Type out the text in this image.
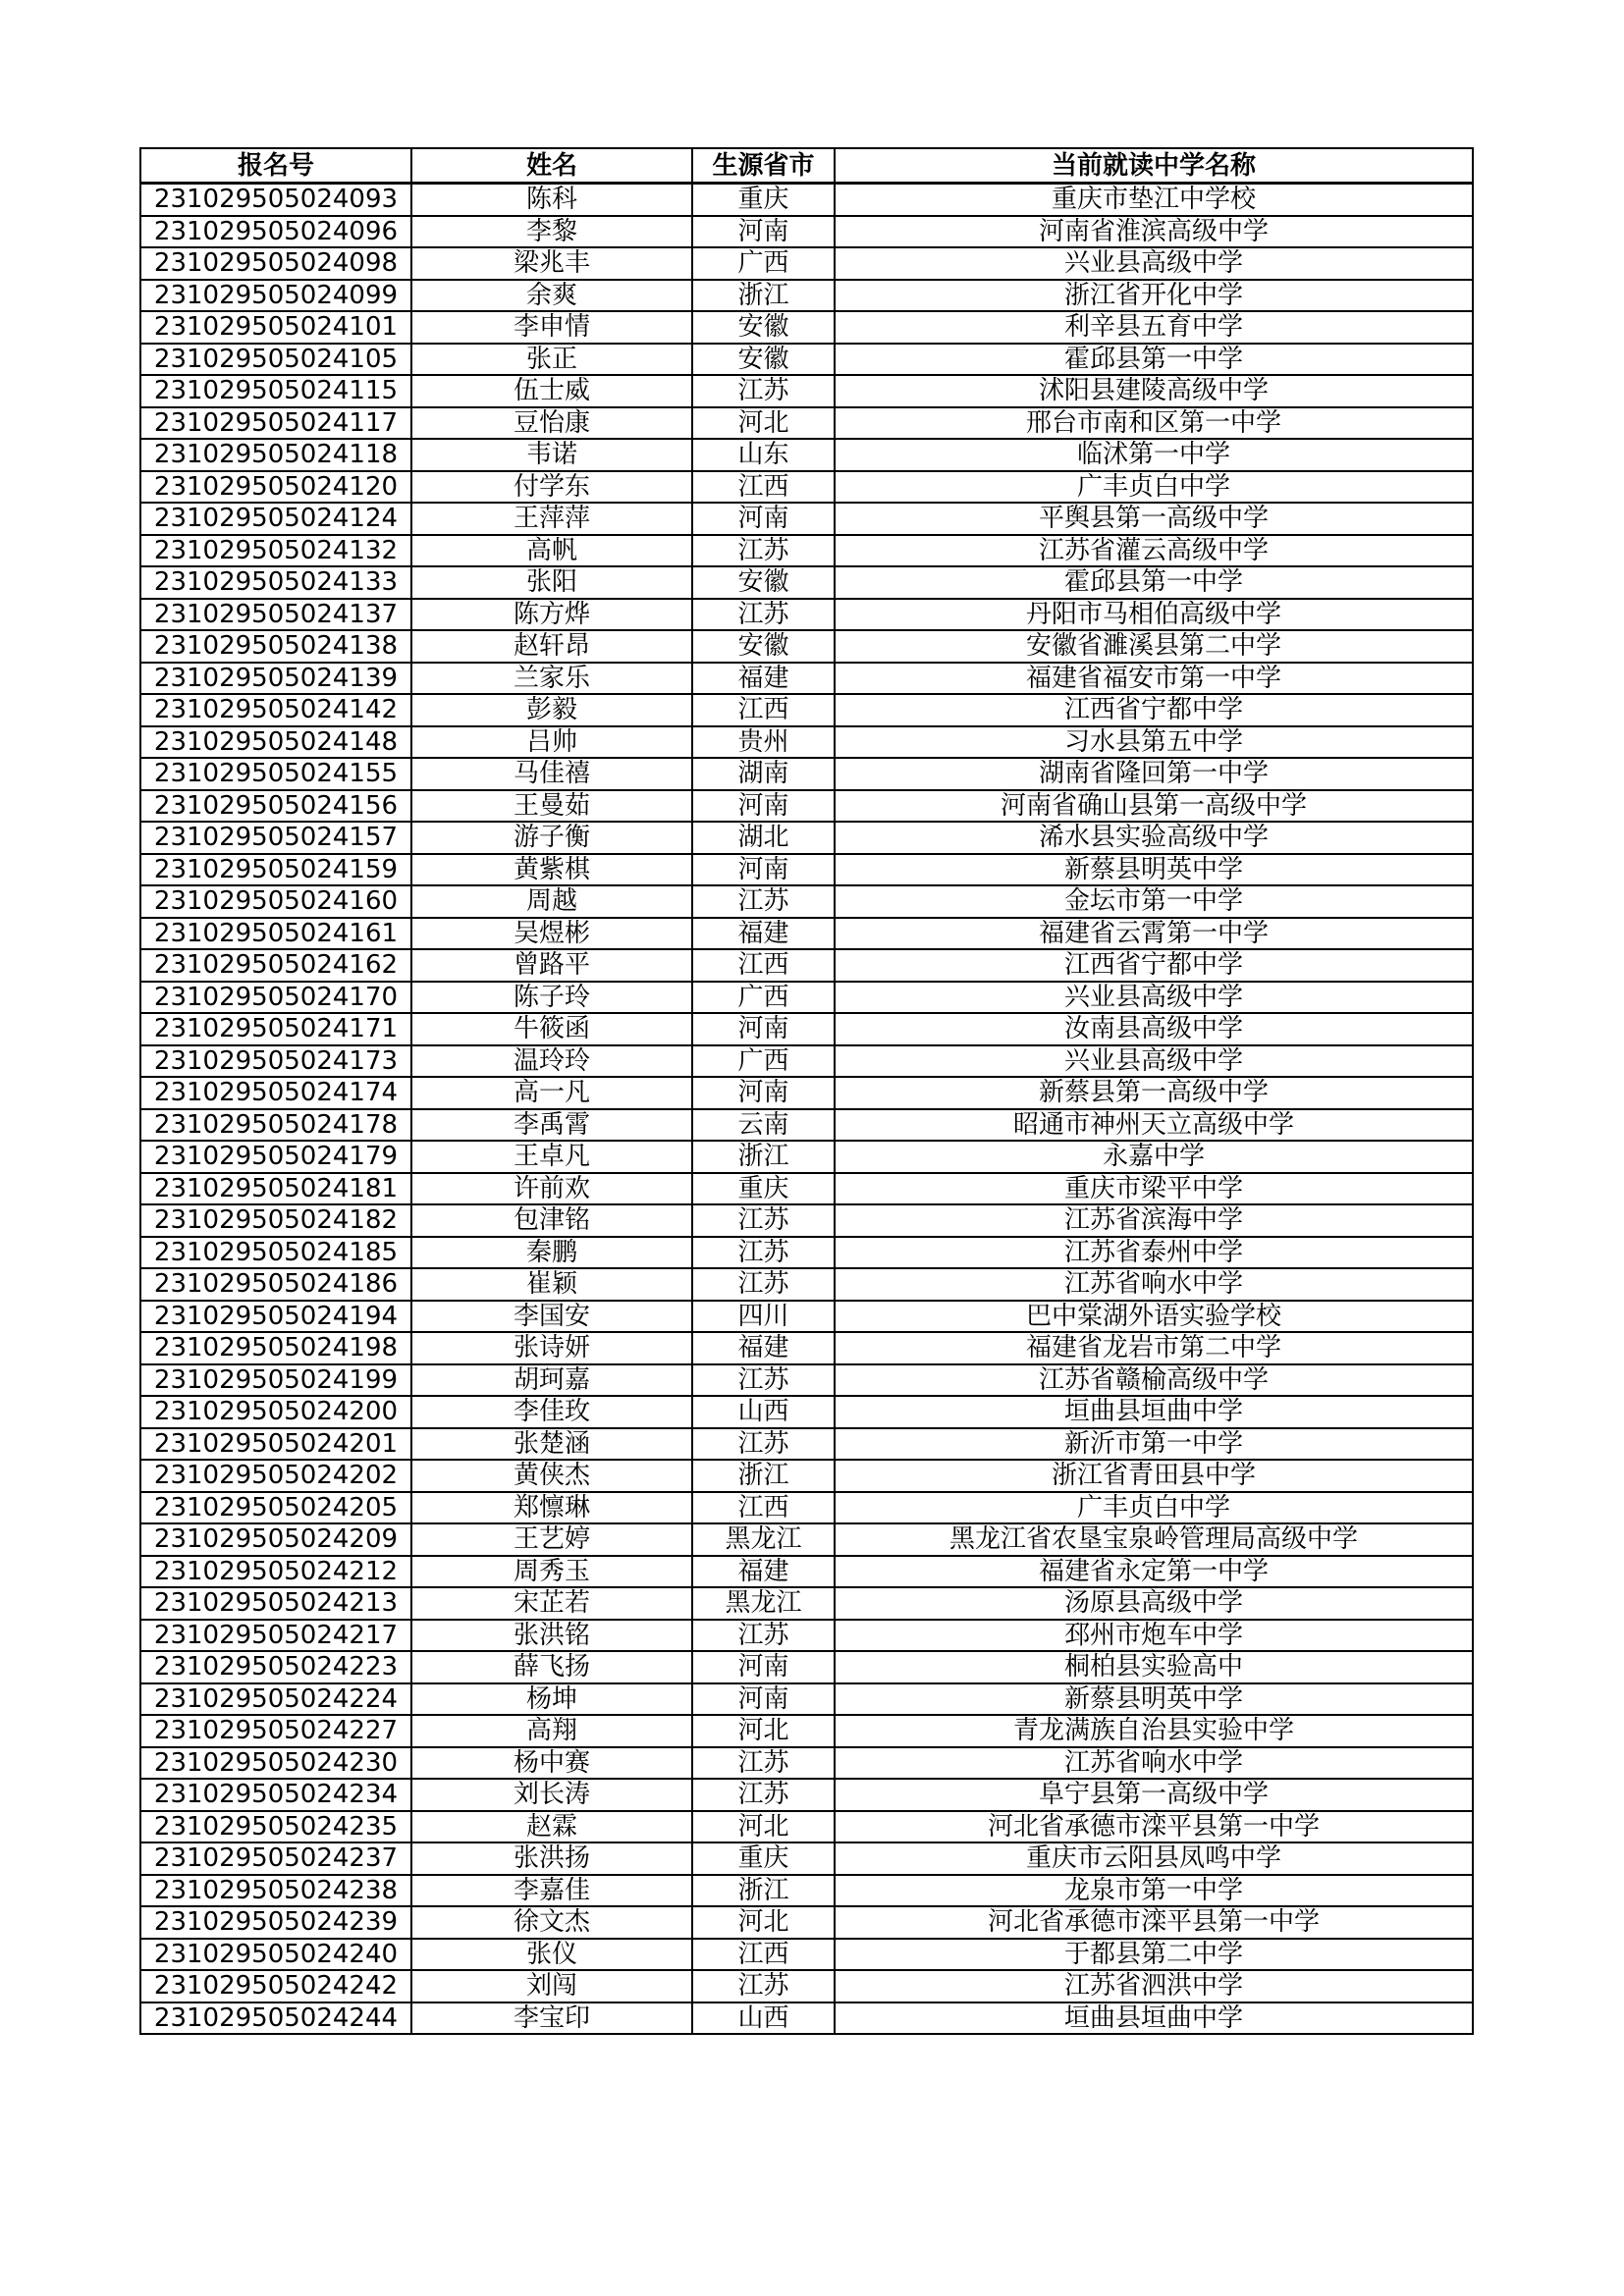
报名号	姓名	生源省市	当前就读中学名称
231029505024093	陈科	重庆	重庆市垫江中学校
231029505024096	李黎	河南	河南省淮滨高级中学
231029505024098	梁兆丰	广西	兴业县高级中学
231029505024099	余爽	浙江	浙江省开化中学
231029505024101	李申情	安徽	利辛县五育中学
231029505024105	张正	安徽	霍邱县第一中学
231029505024115	伍士威	江苏	沭阳县建陵高级中学
231029505024117	豆怡康	河北	邢台市南和区第一中学
231029505024118	韦诺	山东	临沭第一中学
231029505024120	付学东	江西	广丰贞白中学
231029505024124	王萍萍	河南	平舆县第一高级中学
231029505024132	高帆	江苏	江苏省灌云高级中学
231029505024133	张阳	安徽	霍邱县第一中学
231029505024137	陈方烨	江苏	丹阳市马相伯高级中学
231029505024138	赵轩昂	安徽	安徽省濉溪县第二中学
231029505024139	兰家乐	福建	福建省福安市第一中学
231029505024142	彭毅	江西	江西省宁都中学
231029505024148	吕帅	贵州	习水县第五中学
231029505024155	马佳禧	湖南	湖南省隆回第一中学
231029505024156	王曼茹	河南	河南省确山县第一高级中学
231029505024157	游子衡	湖北	浠水县实验高级中学
231029505024159	黄紫棋	河南	新蔡县明英中学
231029505024160	周越	江苏	金坛市第一中学
231029505024161	吴煜彬	福建	福建省云霄第一中学
231029505024162	曾路平	江西	江西省宁都中学
231029505024170	陈子玲	广西	兴业县高级中学
231029505024171	牛筱函	河南	汝南县高级中学
231029505024173	温玲玲	广西	兴业县高级中学
231029505024174	高一凡	河南	新蔡县第一高级中学
231029505024178	李禹霄	云南	昭通市神州天立高级中学
231029505024179	王卓凡	浙江	永嘉中学
231029505024181	许前欢	重庆	重庆市梁平中学
231029505024182	包津铭	江苏	江苏省滨海中学
231029505024185	秦鹏	江苏	江苏省泰州中学
231029505024186	崔颖	江苏	江苏省响水中学
231029505024194	李国安	四川	巴中棠湖外语实验学校
231029505024198	张诗妍	福建	福建省龙岩市第二中学
231029505024199	胡珂嘉	江苏	江苏省赣榆高级中学
231029505024200	李佳玫	山西	垣曲县垣曲中学
231029505024201	张楚涵	江苏	新沂市第一中学
231029505024202	黄侠杰	浙江	浙江省青田县中学
231029505024205	郑懔琳	江西	广丰贞白中学
231029505024209	王艺婷	黑龙江	黑龙江省农垦宝泉岭管理局高级中学
231029505024212	周秀玉	福建	福建省永定第一中学
231029505024213	宋芷若	黑龙江	汤原县高级中学
231029505024217	张洪铭	江苏	邳州市炮车中学
231029505024223	薛飞扬	河南	桐柏县实验高中
231029505024224	杨坤	河南	新蔡县明英中学
231029505024227	高翔	河北	青龙满族自治县实验中学
231029505024230	杨中赛	江苏	江苏省响水中学
231029505024234	刘长涛	江苏	阜宁县第一高级中学
231029505024235	赵霖	河北	河北省承德市滦平县第一中学
231029505024237	张洪扬	重庆	重庆市云阳县凤鸣中学
231029505024238	李嘉佳	浙江	龙泉市第一中学
231029505024239	徐文杰	河北	河北省承德市滦平县第一中学
231029505024240	张仪	江西	于都县第二中学
231029505024242	刘闯	江苏	江苏省泗洪中学
231029505024244	李宝印	山西	垣曲县垣曲中学
